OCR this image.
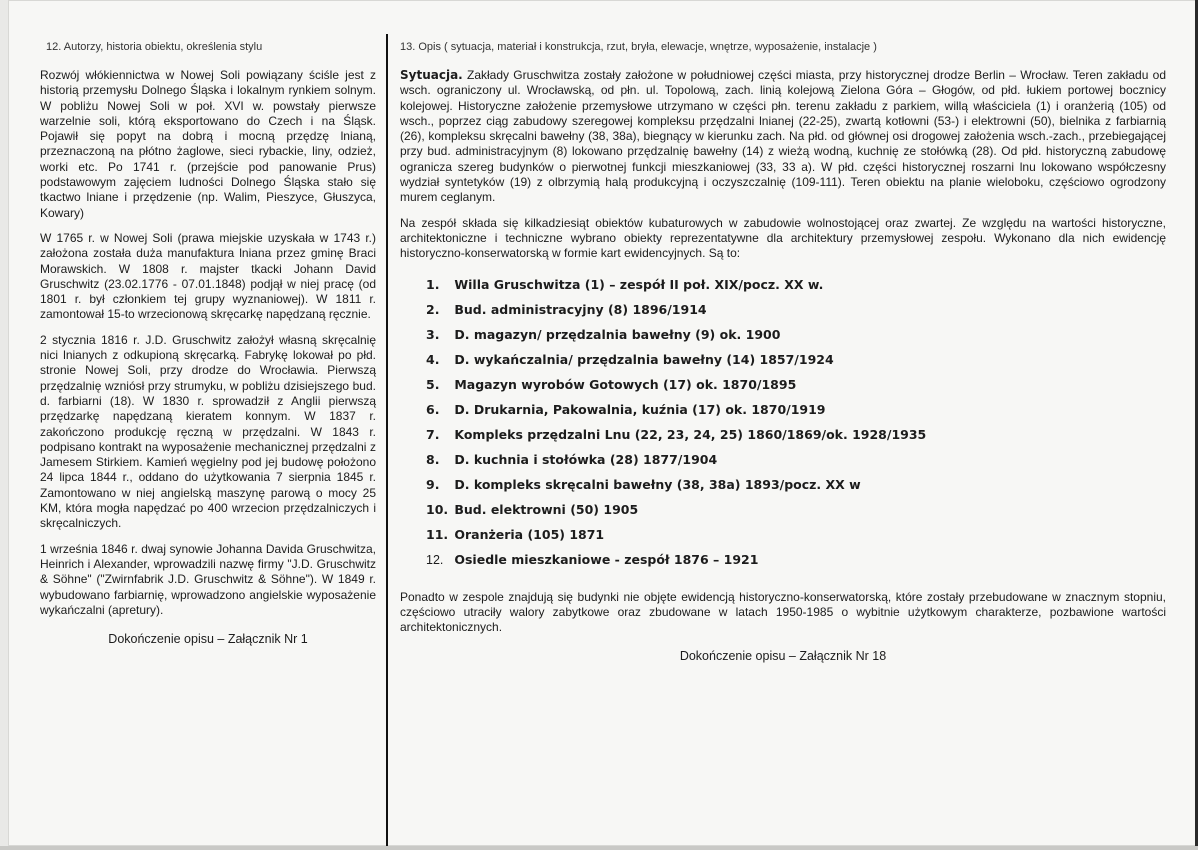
12. Autorzy, historia obiektu, określenia stylu

Rozwój włókiennictwa w Nowej Soli powiązany ściśle jest z historią przemysłu Dolnego Śląska i lokalnym rynkiem solnym. W pobliżu Nowej Soli w poł. XVI w. powstały pierwsze warzelnie soli, którą eksportowano do Czech i na Śląsk. Pojawił się popyt na dobrą i mocną przędzę lnianą, przeznaczoną na płótno żaglowe, sieci rybackie, liny, odzież, worki etc. Po 1741 r. (przejście pod panowanie Prus) podstawowym zajęciem ludności Dolnego Śląska stało się tkactwo lniane i przędzenie (np. Walim, Pieszyce, Głuszyca, Kowary)

W 1765 r. w Nowej Soli (prawa miejskie uzyskała w 1743 r.) założona została duża manufaktura lniana przez gminę Braci Morawskich. W 1808 r. majster tkacki Johann David Gruschwitz (23.02.1776 - 07.01.1848) podjął w niej pracę (od 1801 r. był członkiem tej grupy wyznaniowej). W 1811 r. zamontował 15-to wrzecionową skręcarkę napędzaną ręcznie.

2 stycznia 1816 r. J.D. Gruschwitz założył własną skręcalnię nici lnianych z odkupioną skręcarką. Fabrykę lokował po płd. stronie Nowej Soli, przy drodze do Wrocławia. Pierwszą przędzalnię wzniósł przy strumyku, w pobliżu dzisiejszego bud. d. farbiarni (18). W 1830 r. sprowadził z Anglii pierwszą przędzarkę napędzaną kieratem konnym. W 1837 r. zakończono produkcję ręczną w przędzalni. W 1843 r. podpisano kontrakt na wyposażenie mechanicznej przędzalni z Jamesem Stirkiem. Kamień węgielny pod jej budowę położono 24 lipca 1844 r., oddano do użytkowania 7 sierpnia 1845 r. Zamontowano w niej angielską maszynę parową o mocy 25 KM, która mogła napędzać po 400 wrzecion przędzalniczych i skręcalniczych.

1 września 1846 r. dwaj synowie Johanna Davida Gruschwitza, Heinrich i Alexander, wprowadzili nazwę firmy "J.D. Gruschwitz & Söhne" ("Zwirnfabrik J.D. Gruschwitz & Söhne"). W 1849 r. wybudowano farbiarnię, wprowadzono angielskie wyposażenie wykańczalni (apretury).

Dokończenie opisu – Załącznik Nr 1
13. Opis ( sytuacja, materiał i konstrukcja, rzut, bryła, elewacje, wnętrze, wyposażenie, instalacje )

Sytuacja. Zakłady Gruschwitza zostały założone w południowej części miasta, przy historycznej drodze Berlin – Wrocław. Teren zakładu od wsch. ograniczony ul. Wrocławską, od płn. ul. Topolową, zach. linią kolejową Zielona Góra – Głogów, od płd. łukiem portowej bocznicy kolejowej. Historyczne założenie przemysłowe utrzymano w części płn. terenu zakładu z parkiem, willą właściciela (1) i oranżerią (105) od wsch., poprzez ciąg zabudowy szeregowej kompleksu przędzalni lnianej (22-25), zwartą kotłowni (53-) i elektrowni (50), bielnika z farbiarnią (26), kompleksu skręcalni bawełny (38, 38a), biegnący w kierunku zach. Na płd. od głównej osi drogowej założenia wsch.-zach., przebiegającej przy bud. administracyjnym (8) lokowano przędzalnię bawełny (14) z wieżą wodną, kuchnię ze stołówką (28). Od płd. historyczną zabudowę ogranicza szereg budynków o pierwotnej funkcji mieszkaniowej (33, 33 a). W płd. części historycznej roszarni lnu lokowano współczesny wydział syntetyków (19) z olbrzymią halą produkcyjną i oczyszczalnię (109-111). Teren obiektu na planie wieloboku, częściowo ogrodzony murem ceglanym.

Na zespół składa się kilkadziesiąt obiektów kubaturowych w zabudowie wolnostojącej oraz zwartej. Ze względu na wartości historyczne, architektoniczne i techniczne wybrano obiekty reprezentatywne dla architektury przemysłowej zespołu. Wykonano dla nich ewidencję historyczno-konserwatorską w formie kart ewidencyjnych. Są to:

1. Willa Gruschwitza (1) – zespół II poł. XIX/pocz. XX w.
2. Bud. administracyjny (8) 1896/1914
3. D. magazyn/ przędzalnia bawełny (9) ok. 1900
4. D. wykańczalnia/ przędzalnia bawełny (14) 1857/1924
5. Magazyn wyrobów Gotowych (17) ok. 1870/1895
6. D. Drukarnia, Pakowalnia, kuźnia (17) ok. 1870/1919
7. Kompleks przędzalni Lnu (22, 23, 24, 25) 1860/1869/ok. 1928/1935
8. D. kuchnia i stołówka (28) 1877/1904
9. D. kompleks skręcalni bawełny (38, 38a) 1893/pocz. XX w
10. Bud. elektrowni (50) 1905
11. Oranżeria (105) 1871
12. Osiedle mieszkaniowe - zespół 1876 – 1921

Ponadto w zespole znajdują się budynki nie objęte ewidencją historyczno-konserwatorską, które zostały przebudowane w znacznym stopniu, częściowo utraciły walory zabytkowe oraz zbudowane w latach 1950-1985 o wybitnie użytkowym charakterze, pozbawione wartości architektonicznych.

Dokończenie opisu – Załącznik Nr 18
